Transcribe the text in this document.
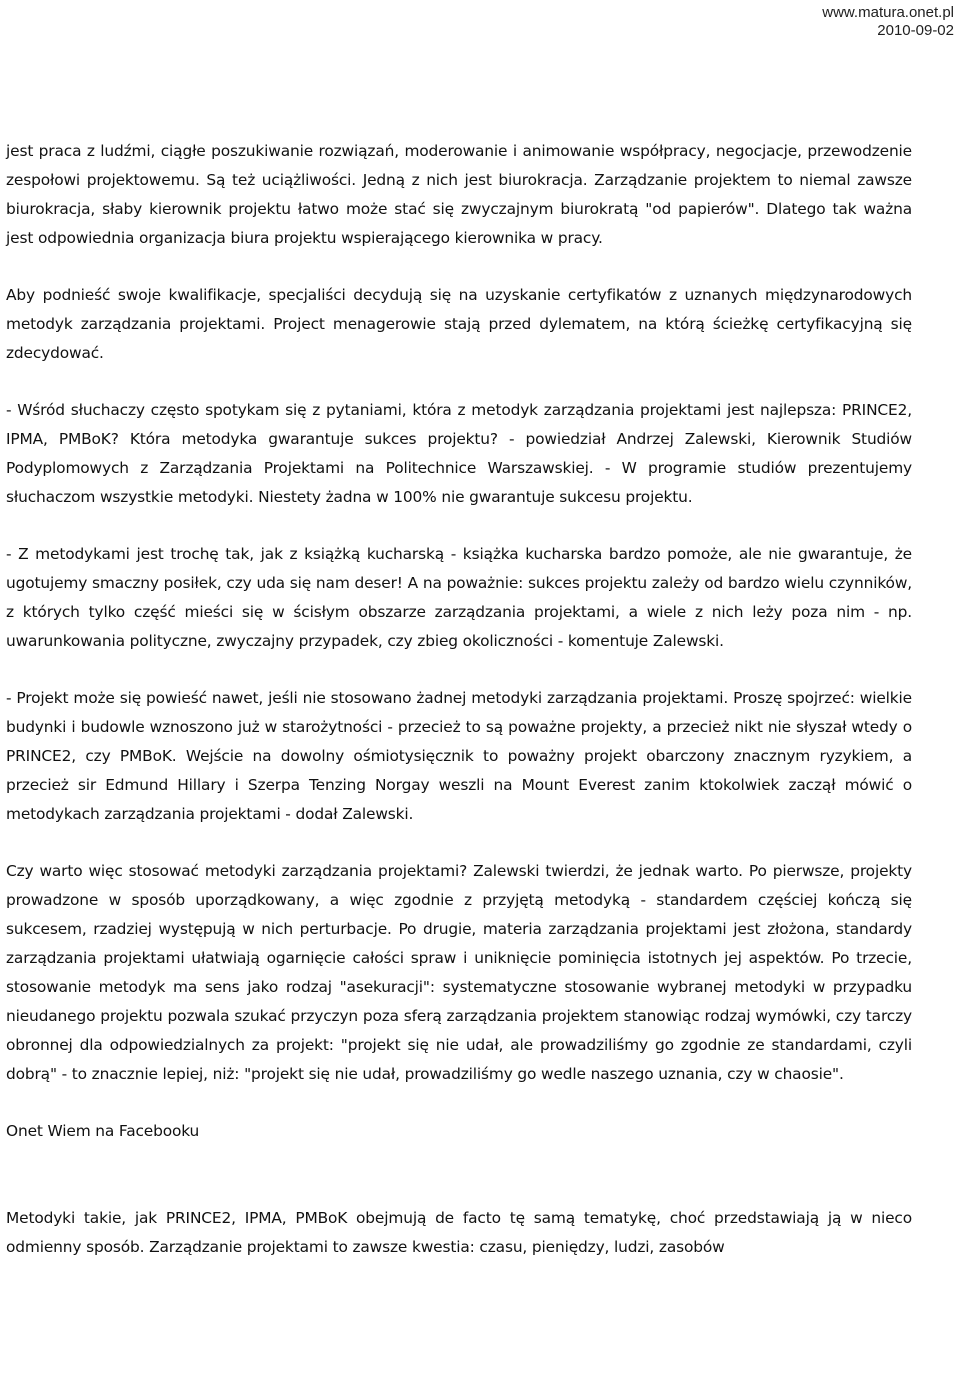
www.matura.onet.pl
2010-09-02

jest praca z ludźmi, ciągłe poszukiwanie rozwiązań, moderowanie i animowanie współpracy, negocjacje, przewodzenie zespołowi projektowemu. Są też uciążliwości. Jedną z nich jest biurokracja. Zarządzanie projektem to niemal zawsze biurokracja, słaby kierownik projektu łatwo może stać się zwyczajnym biurokratą "od papierów". Dlatego tak ważna jest odpowiednia organizacja biura projektu wspierającego kierownika w pracy.

Aby podnieść swoje kwalifikacje, specjaliści decydują się na uzyskanie certyfikatów z uznanych międzynarodowych metodyk zarządzania projektami. Project menagerowie stają przed dylematem, na którą ścieżkę certyfikacyjną się zdecydować.

- Wśród słuchaczy często spotykam się z pytaniami, która z metodyk zarządzania projektami jest najlepsza: PRINCE2, IPMA, PMBoK? Która metodyka gwarantuje sukces projektu? - powiedział Andrzej Zalewski, Kierownik Studiów Podyplomowych z Zarządzania Projektami na Politechnice Warszawskiej. - W programie studiów prezentujemy słuchaczom wszystkie metodyki. Niestety żadna w 100% nie gwarantuje sukcesu projektu.

- Z metodykami jest trochę tak, jak z książką kucharską - książka kucharska bardzo pomoże, ale nie gwarantuje, że ugotujemy smaczny posiłek, czy uda się nam deser! A na poważnie: sukces projektu zależy od bardzo wielu czynników, z których tylko część mieści się w ścisłym obszarze zarządzania projektami, a wiele z nich leży poza nim - np. uwarunkowania polityczne, zwyczajny przypadek, czy zbieg okoliczności - komentuje Zalewski.

- Projekt może się powieść nawet, jeśli nie stosowano żadnej metodyki zarządzania projektami. Proszę spojrzeć: wielkie budynki i budowle wznoszono już w starożytności - przecież to są poważne projekty, a przecież nikt nie słyszał wtedy o PRINCE2, czy PMBoK. Wejście na dowolny ośmiotysięcznik to poważny projekt obarczony znacznym ryzykiem, a przecież sir Edmund Hillary i Szerpa Tenzing Norgay weszli na Mount Everest zanim ktokolwiek zaczął mówić o metodykach zarządzania projektami - dodał Zalewski.

Czy warto więc stosować metodyki zarządzania projektami? Zalewski twierdzi, że jednak warto. Po pierwsze, projekty prowadzone w sposób uporządkowany, a więc zgodnie z przyjętą metodyką - standardem częściej kończą się sukcesem, rzadziej występują w nich perturbacje. Po drugie, materia zarządzania projektami jest złożona, standardy zarządzania projektami ułatwiają ogarnięcie całości spraw i uniknięcie pominięcia istotnych jej aspektów. Po trzecie, stosowanie metodyk ma sens jako rodzaj "asekuracji": systematyczne stosowanie wybranej metodyki w przypadku nieudanego projektu pozwala szukać przyczyn poza sferą zarządzania projektem stanowiąc rodzaj wymówki, czy tarczy obronnej dla odpowiedzialnych za projekt: "projekt się nie udał, ale prowadziliśmy go zgodnie ze standardami, czyli dobrą" - to znacznie lepiej, niż: "projekt się nie udał, prowadziliśmy go wedle naszego uznania, czy w chaosie".

Onet Wiem na Facebooku

Metodyki takie, jak PRINCE2, IPMA, PMBoK obejmują de facto tę samą tematykę, choć przedstawiają ją w nieco odmienny sposób. Zarządzanie projektami to zawsze kwestia: czasu, pieniędzy, ludzi, zasobów
